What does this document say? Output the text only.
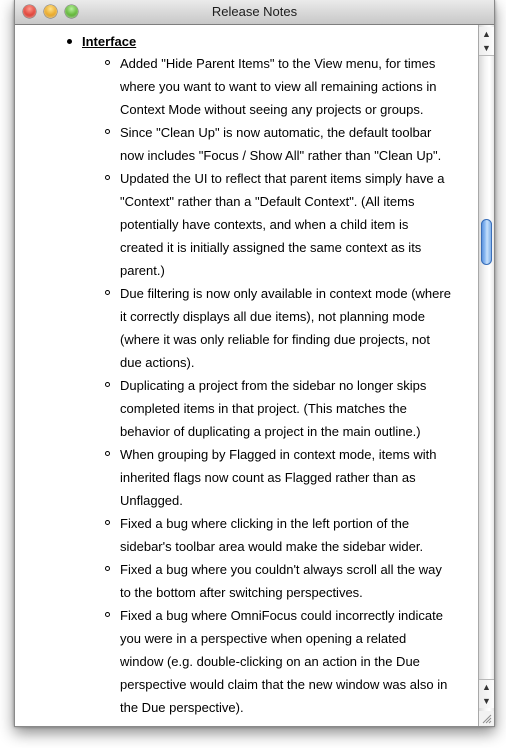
Release Notes
Interface
Added "Hide Parent Items" to the View menu, for times where you want to want to view all remaining actions in Context Mode without seeing any projects or groups.
Since "Clean Up" is now automatic, the default toolbar now includes "Focus / Show All" rather than "Clean Up".
Updated the UI to reflect that parent items simply have a "Context" rather than a "Default Context". (All items potentially have contexts, and when a child item is created it is initially assigned the same context as its parent.)
Due filtering is now only available in context mode (where it correctly displays all due items), not planning mode (where it was only reliable for finding due projects, not due actions).
Duplicating a project from the sidebar no longer skips completed items in that project. (This matches the behavior of duplicating a project in the main outline.)
When grouping by Flagged in context mode, items with inherited flags now count as Flagged rather than as Unflagged.
Fixed a bug where clicking in the left portion of the sidebar's toolbar area would make the sidebar wider.
Fixed a bug where you couldn't always scroll all the way to the bottom after switching perspectives.
Fixed a bug where OmniFocus could incorrectly indicate you were in a perspective when opening a related window (e.g. double-clicking on an action in the Due perspective would claim that the new window was also in the Due perspective).
▲
▼
▲
▼
